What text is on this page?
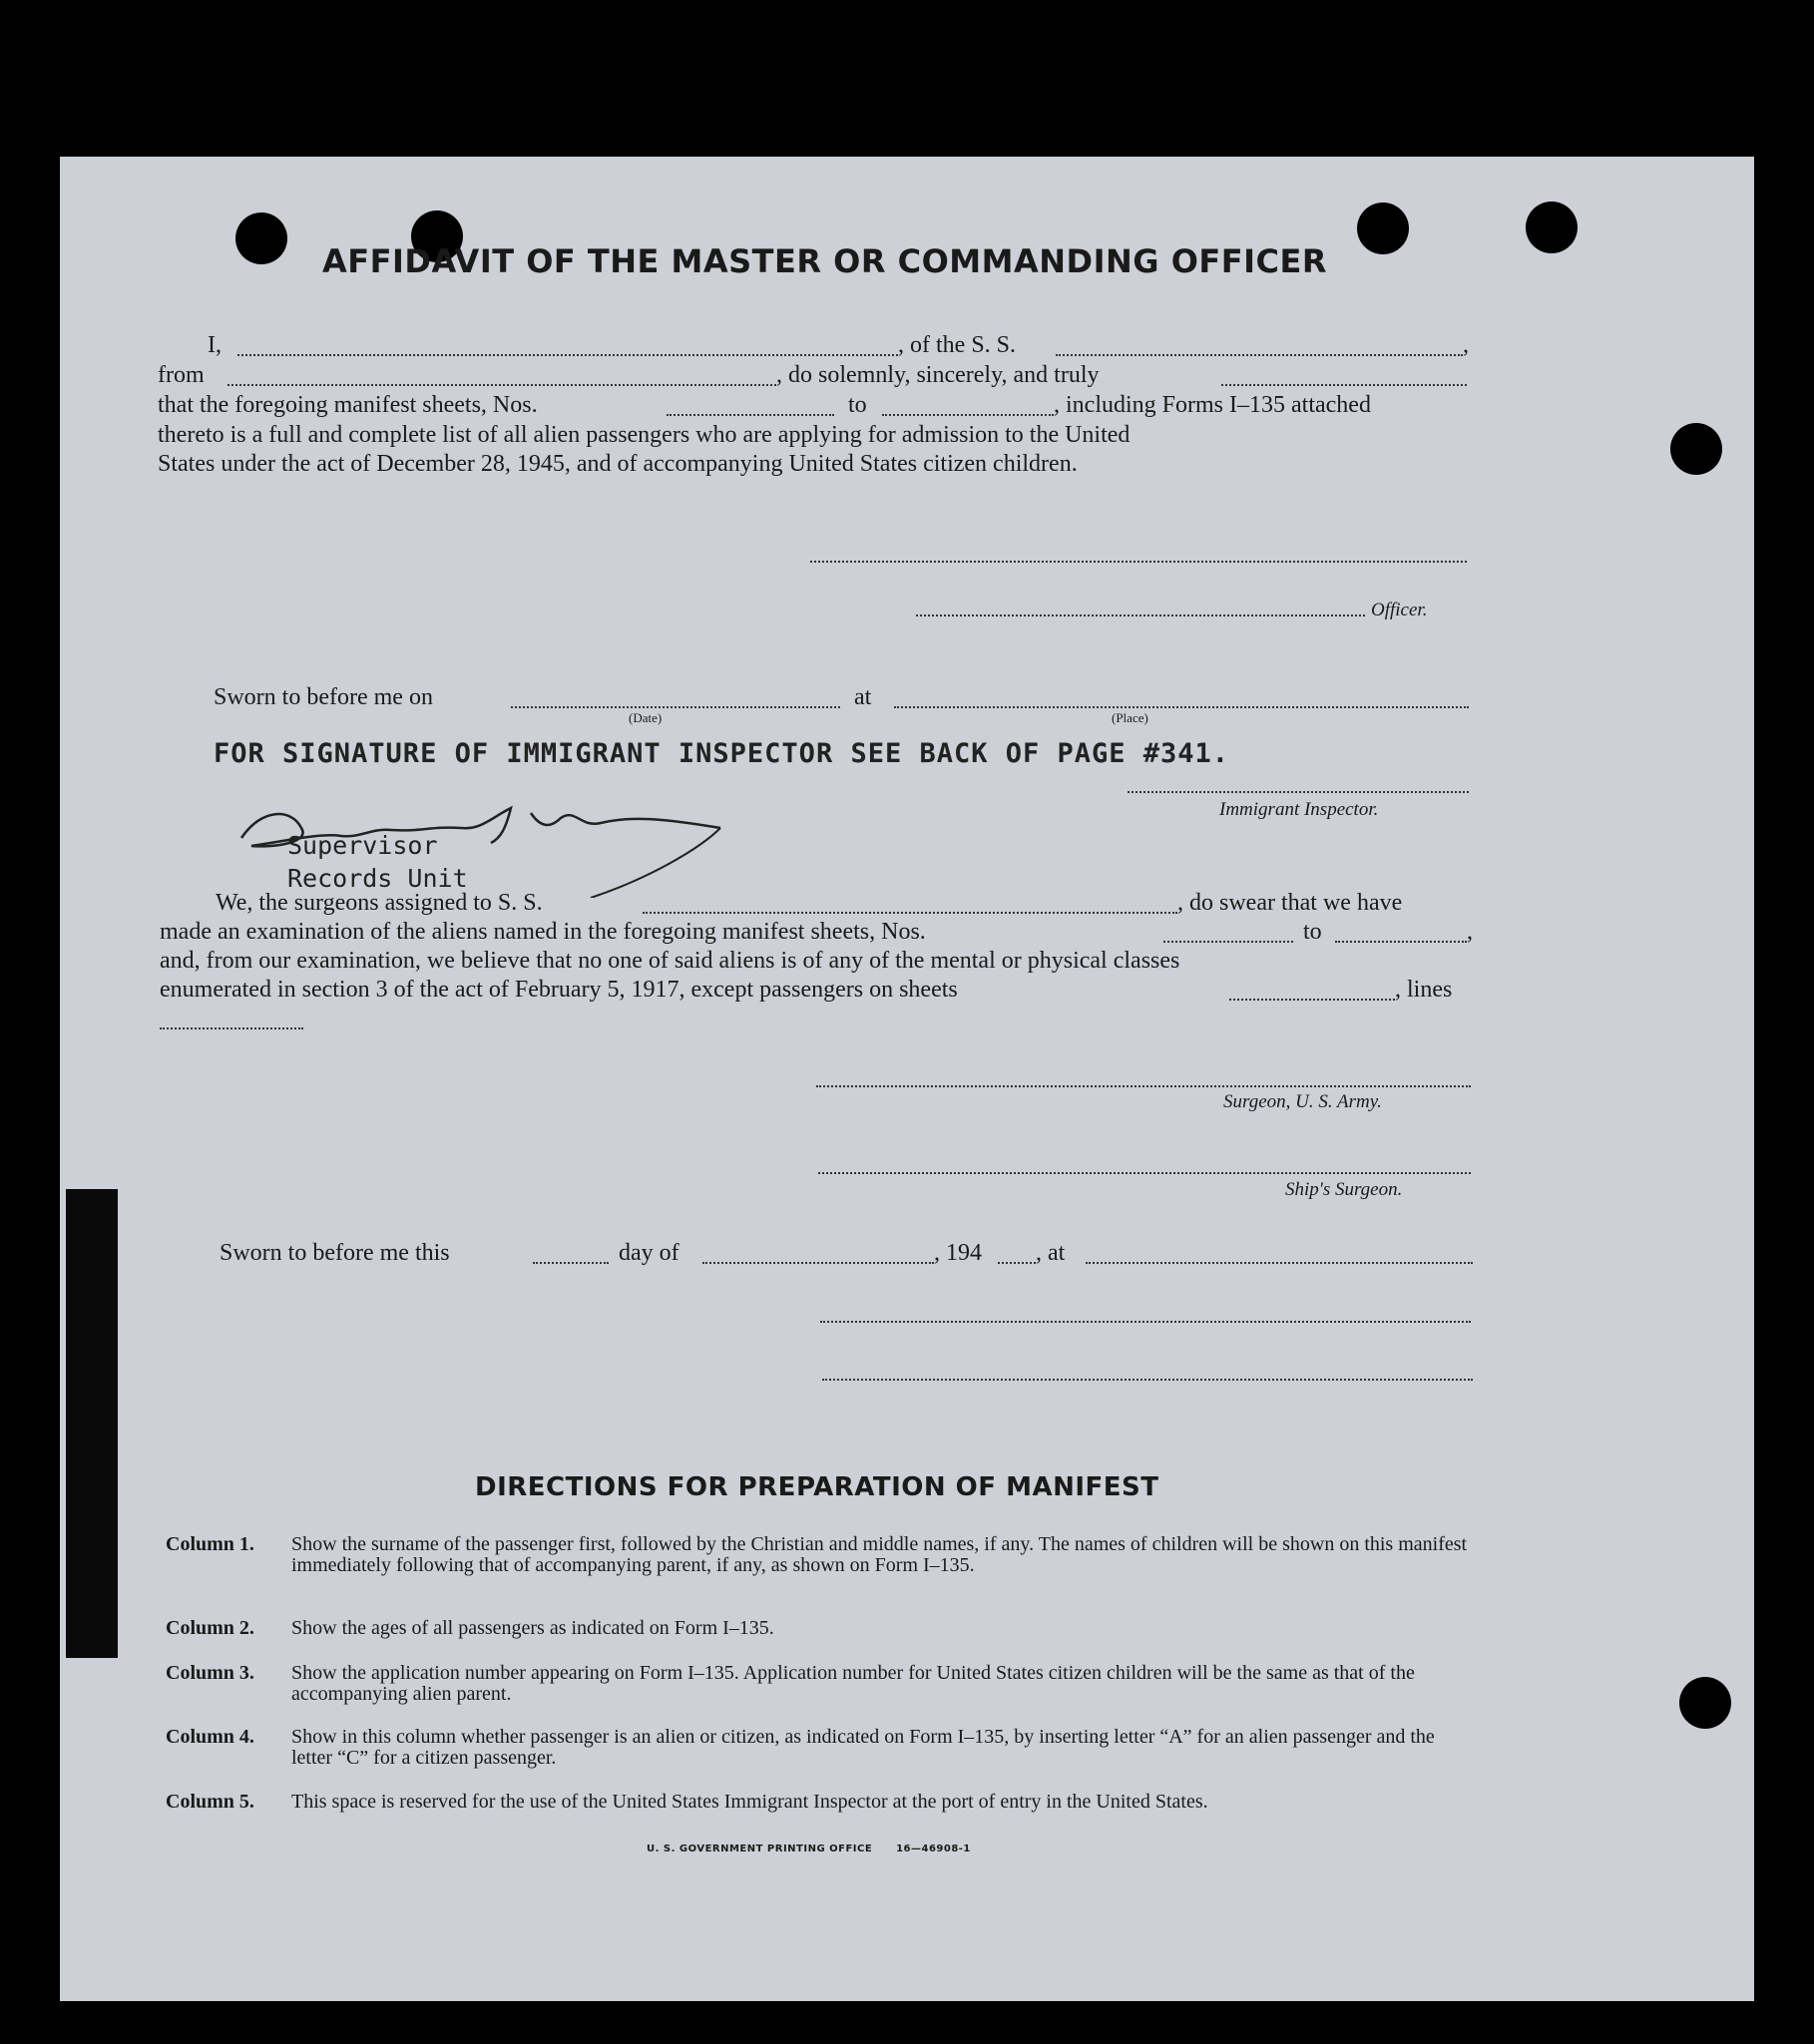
AFFIDAVIT OF THE MASTER OR COMMANDING OFFICER
I,	, of the S. S.	,
from	, do solemnly, sincerely, and truly
that the foregoing manifest sheets, Nos.	to	, including Forms I–135 attached
thereto is a full and complete list of all alien passengers who are applying for admission to the United
States under the act of December 28, 1945, and of accompanying United States citizen children.
Officer.
Sworn to before me on	at
(Date)	(Place)
FOR SIGNATURE OF IMMIGRANT INSPECTOR SEE BACK OF PAGE #341.
Immigrant Inspector.
Supervisor
Records Unit
We, the surgeons assigned to S. S.	, do swear that we have
made an examination of the aliens named in the foregoing manifest sheets, Nos.	to	,
and, from our examination, we believe that no one of said aliens is of any of the mental or physical classes
enumerated in section 3 of the act of February 5, 1917, except passengers on sheets	, lines
Surgeon, U. S. Army.
Ship's Surgeon.
Sworn to before me this	day of	, 194 , at
DIRECTIONS FOR PREPARATION OF MANIFEST
Column 1. Show the surname of the passenger first, followed by the Christian and middle names, if any. The names of children will be shown on this manifest immediately following that of accompanying parent, if any, as shown on Form I–135.
Column 2. Show the ages of all passengers as indicated on Form I–135.
Column 3. Show the application number appearing on Form I–135. Application number for United States citizen children will be the same as that of the accompanying alien parent.
Column 4. Show in this column whether passenger is an alien or citizen, as indicated on Form I–135, by inserting letter “A” for an alien passenger and the letter “C” for a citizen passenger.
Column 5. This space is reserved for the use of the United States Immigrant Inspector at the port of entry in the United States.
U. S. GOVERNMENT PRINTING OFFICE      16—46908-1
